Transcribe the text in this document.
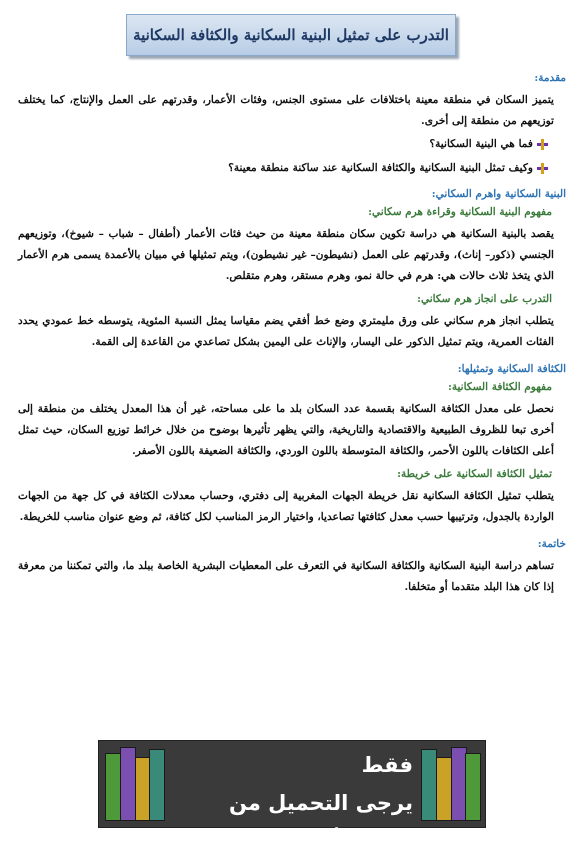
التدرب على تمثيل البنية السكانية والكثافة السكانية
مقدمة:
يتميز السكان في منطقة معينة باختلافات على مستوى الجنس، وفئات الأعمار، وقدرتهم على العمل والإنتاج، كما يختلف توزيعهم من منطقة إلى أخرى.
فما هي البنية السكانية؟
وكيف تمثل البنية السكانية والكثافة السكانية عند ساكنة منطقة معينة؟
البنية السكانية واهرم السكاني:
مفهوم البنية السكانية وقراءة هرم سكاني:
يقصد بالبنية السكانية هي دراسة تكوين سكان منطقة معينة من حيث فئات الأعمار (أطفال – شباب – شيوخ)، وتوزيعهم الجنسي (ذكور– إناث)، وقدرتهم على العمل (نشيطون– غير نشيطون)، ويتم تمثيلها في مبيان بالأعمدة يسمى هرم الأعمار الذي يتخذ ثلاث حالات هي: هرم في حالة نمو، وهرم مستقر، وهرم متقلص.
التدرب على انجاز هرم سكاني:
يتطلب انجاز هرم سكاني على ورق مليمتري وضع خط أفقي يضم مقياسا يمثل النسبة المئوية، يتوسطه خط عمودي يحدد الفئات العمرية، ويتم تمثيل الذكور على اليسار، والإناث على اليمين بشكل تصاعدي من القاعدة إلى القمة.
الكثافة السكانية وتمثيلها:
مفهوم الكثافة السكانية:
نحصل على معدل الكثافة السكانية بقسمة عدد السكان بلد ما على مساحته، غير أن هذا المعدل يختلف من منطقة إلى أخرى تبعا للظروف الطبيعية والاقتصادية والتاريخية، والتي يظهر تأثيرها بوضوح من خلال خرائط توزيع السكان، حيث تمثل أعلى الكثافات باللون الأحمر، والكثافة المتوسطة باللون الوردي، والكثافة الضعيفة باللون الأصفر.
تمثيل الكثافة السكانية على خريطة:
يتطلب تمثيل الكثافة السكانية نقل خريطة الجهات المغربية إلى دفتري، وحساب معدلات الكثافة في كل جهة من الجهات الواردة بالجدول، وترتيبها حسب معدل كثافتها تصاعديا، واختيار الرمز المناسب لكل كثافة، ثم وضع عنوان مناسب للخريطة.
خاتمة:
تساهم دراسة البنية السكانية والكثافة السكانية في التعرف على المعطيات البشرية الخاصة ببلد ما، والتي تمكننا من معرفة إذا كان هذا البلد متقدما أو متخلفا.
هذه صورة توضيحية فقط
يرجى التحميل من الرابط أسفله
